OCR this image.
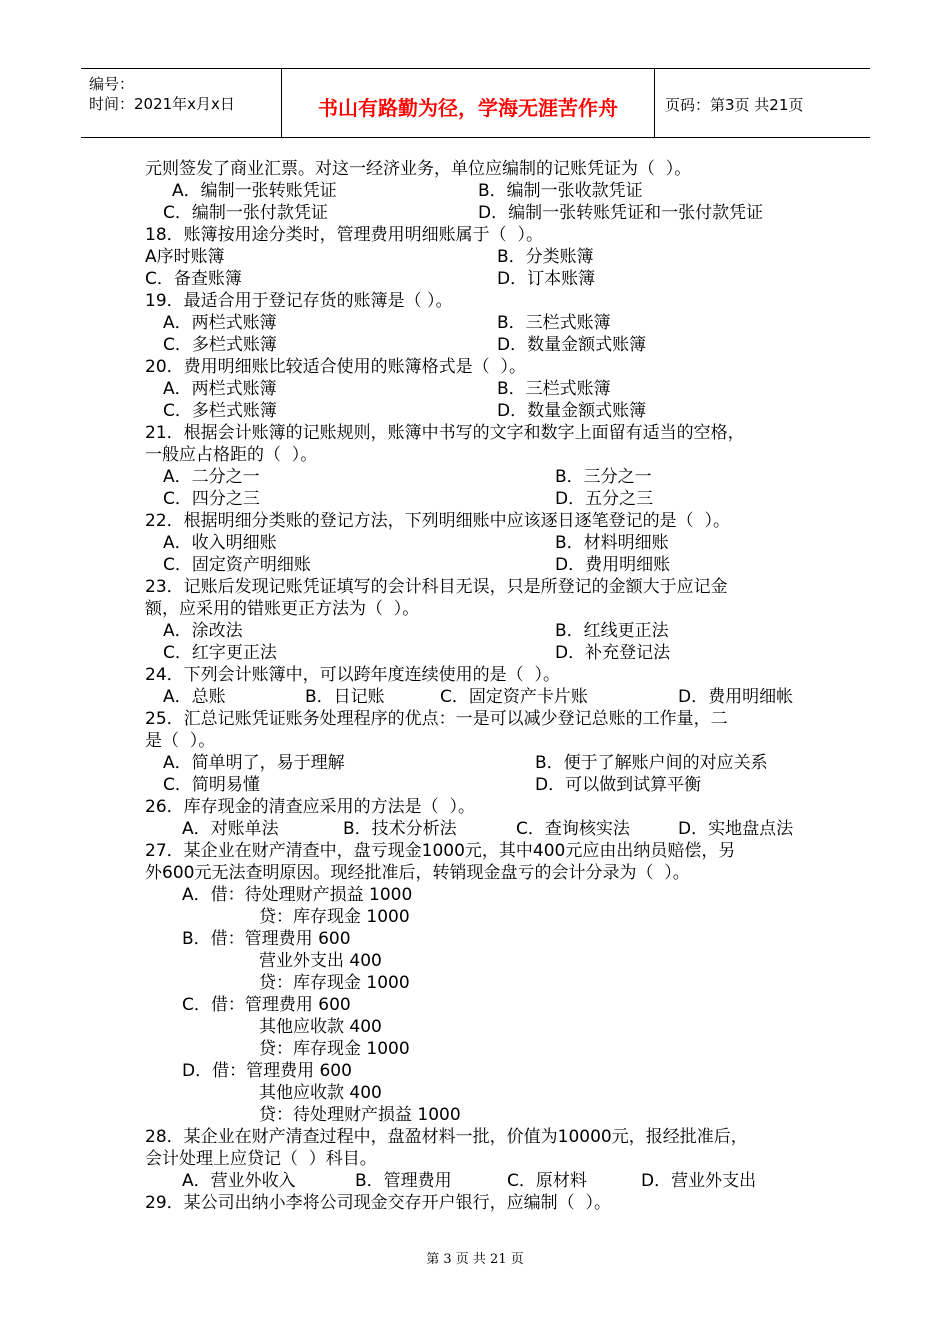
编号：
时间：2021年x月x日	书山有路勤为径，学海无涯苦作舟	页码：第3页 共21页
元则签发了商业汇票。对这一经济业务，单位应编制的记账凭证为（  ）。
A．编制一张转账凭证	B．编制一张收款凭证
C．编制一张付款凭证	D．编制一张转账凭证和一张付款凭证
18．账簿按用途分类时，管理费用明细账属于（  ）。
A序时账簿	B．分类账簿
C．备查账簿	D．订本账簿
19．最适合用于登记存货的账簿是（ ）。
A．两栏式账簿	B．三栏式账簿
C．多栏式账簿	D．数量金额式账簿
20．费用明细账比较适合使用的账簿格式是（  ）。
A．两栏式账簿	B．三栏式账簿
C．多栏式账簿	D．数量金额式账簿
21．根据会计账簿的记账规则，账簿中书写的文字和数字上面留有适当的空格，
一般应占格距的（  ）。
A．二分之一	B．三分之一
C．四分之三	D．五分之三
22．根据明细分类账的登记方法，下列明细账中应该逐日逐笔登记的是（  ）。
A．收入明细账	B．材料明细账
C．固定资产明细账	D．费用明细账
23．记账后发现记账凭证填写的会计科目无误，只是所登记的金额大于应记金
额，应采用的错账更正方法为（  ）。
A．涂改法	B．红线更正法
C．红字更正法	D．补充登记法
24．下列会计账簿中，可以跨年度连续使用的是（  ）。
A．总账	B．日记账	C．固定资产卡片账	D．费用明细帐
25．汇总记账凭证账务处理程序的优点：一是可以减少登记总账的工作量，二
是（  ）。
A．简单明了，易于理解	B．便于了解账户间的对应关系
C．简明易懂	D．可以做到试算平衡
26．库存现金的清查应采用的方法是（  ）。
A．对账单法	B．技术分析法	C．查询核实法	D．实地盘点法
27．某企业在财产清查中，盘亏现金1000元，其中400元应由出纳员赔偿，另
外600元无法查明原因。现经批准后，转销现金盘亏的会计分录为（  ）。
A．借：待处理财产损益 1000
贷：库存现金 1000
B．借：管理费用 600
营业外支出 400
贷：库存现金 1000
C．借：管理费用 600
其他应收款 400
贷：库存现金 1000
D．借：管理费用 600
其他应收款 400
贷：待处理财产损益 1000
28．某企业在财产清查过程中，盘盈材料一批，价值为10000元，报经批准后，
会计处理上应贷记（  ）科目。
A．营业外收入	B．管理费用	C．原材料	D．营业外支出
29．某公司出纳小李将公司现金交存开户银行，应编制（  ）。
第 3 页 共 21 页
